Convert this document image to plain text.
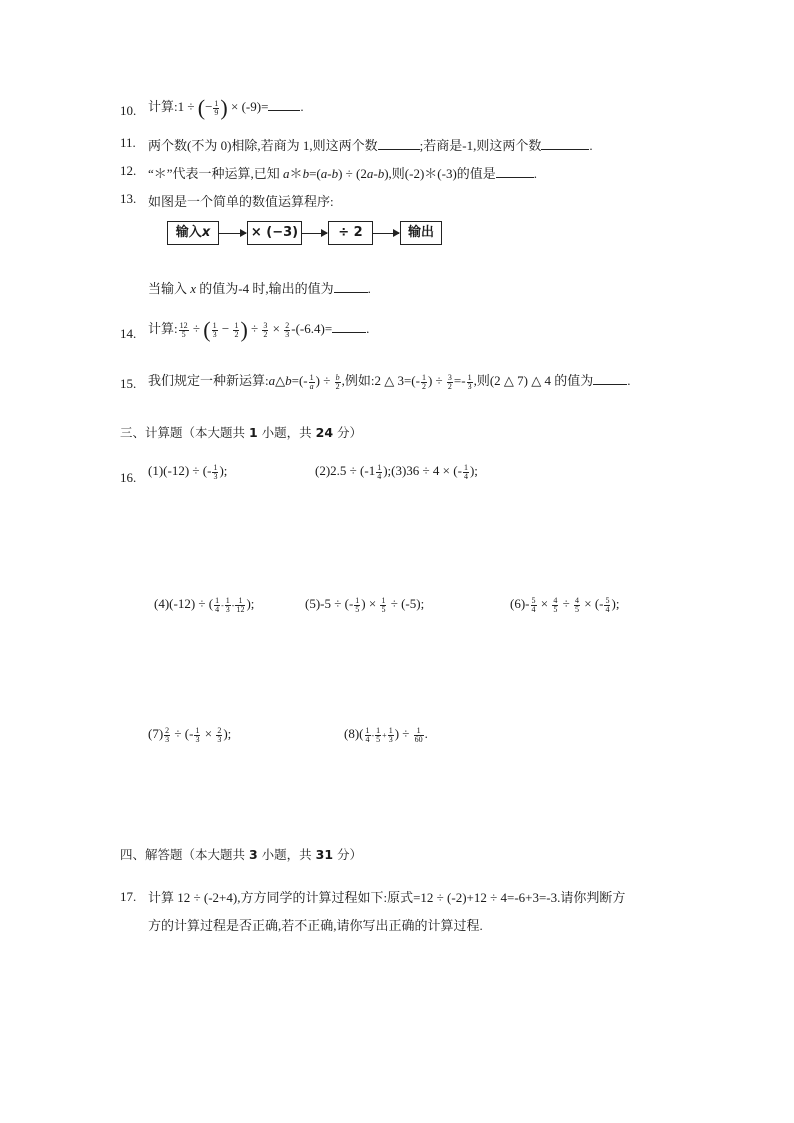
10. 计算:1 ÷ (− $\frac{1}{9}$ ) × (-9)= .
11. 两个数(不为 0)相除,若商为 1,则这两个数	;若商是-1,则这两个数	.
12. “＊”代表一种运算,已知 a＊b=(a-b) ÷ (2a-b),则(-2)＊(-3)的值是	.
13. 如图是一个简单的数值运算程序:
输入x	× (−3)	÷ 2	输出
当输入 x 的值为-4 时,输出的值为	.
14. 计算: $\frac{12}{5}$ ÷ ( $\frac{1}{3} - \frac{1}{2}$ ) ÷ $\frac{3}{2} \times \frac{2}{3} -(-6.4)=$	.
15. 我们规定一种新运算:a△b=(- $\frac{1}{a}$ ) ÷ $\frac{b}{2}$ ,例如:2 △ $3=(- \frac{1}{2}$ ) ÷ $\frac{3}{2} =- \frac{1}{3}$ ,则(2 △ 7) △ 4 的值为	.
三、计算题（本大题共 1 小题，共 24 分）
16. (1)(-12) ÷ (- $\frac{1}{3}$ );	$(2)2.5 \div (-1 \frac{1}{4}$ );(3)36 ÷ 4 × (- $\frac{1}{4}$ );
(4)(-12) ÷ ( $\frac{1}{4} - \frac{1}{3} - \frac{1}{12}$ );	(5)-5 ÷ (- $\frac{1}{5}$ ) × $\frac{1}{5} \div (-5)$;	$(6)- \frac{5}{4} \times \frac{4}{5} \div \frac{4}{5}$ × (- $\frac{5}{4}$ );
$(7) \frac{2}{3}$ ÷ (- $\frac{1}{3} \times \frac{2}{3}$ );	$(8)( \frac{1}{4} - \frac{1}{5} + \frac{1}{3}$ ) ÷ $\frac{1}{60}$ .
四、解答题（本大题共 3 小题，共 31 分）
17. 计算 12 ÷ (-2+4),方方同学的计算过程如下:原式=12 ÷ (-2)+12 ÷ 4=-6+3=-3.请你判断方
方的计算过程是否正确,若不正确,请你写出正确的计算过程.
